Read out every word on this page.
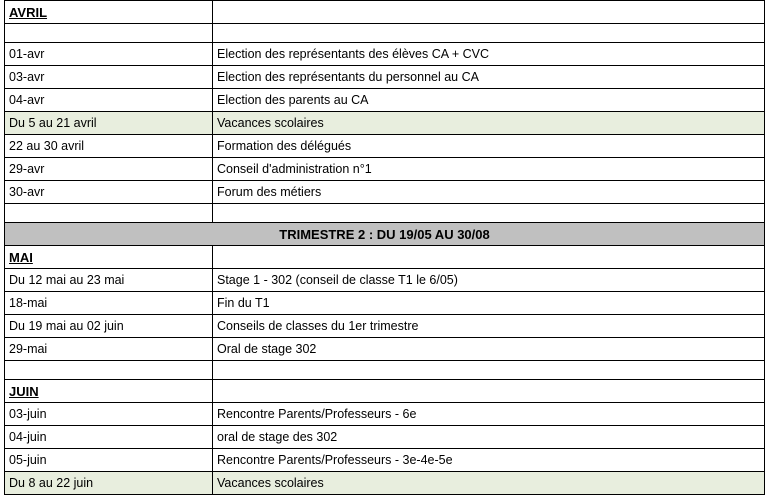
AVRIL	

01-avr	Election des représentants des élèves CA + CVC
03-avr	Election des représentants du personnel au CA
04-avr	Election des parents au CA
Du 5 au 21 avril	Vacances scolaires
22 au 30 avril	Formation des délégués
29-avr	Conseil d'administration n°1
30-avr	Forum des métiers

TRIMESTRE 2 : DU 19/05 AU 30/08	
MAI	
Du 12 mai au 23 mai	Stage 1 - 302 (conseil de classe T1 le 6/05)
18-mai	Fin du T1
Du 19 mai au 02 juin	Conseils de classes du 1er trimestre
29-mai	Oral de stage 302

JUIN	
03-juin	Rencontre Parents/Professeurs - 6e
04-juin	oral de stage des 302
05-juin	Rencontre Parents/Professeurs - 3e-4e-5e
Du 8 au 22 juin	Vacances scolaires
